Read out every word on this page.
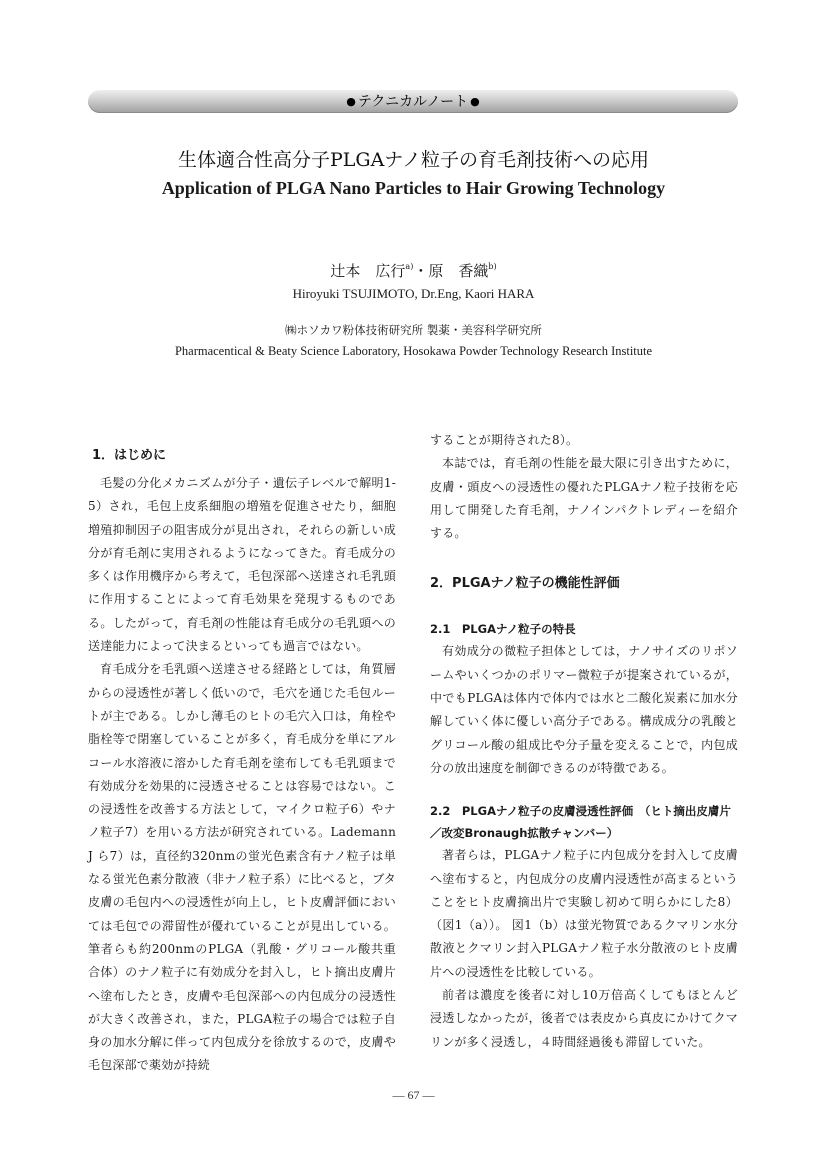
● テクニカルノート ●
生体適合性高分子PLGAナノ粒子の育毛剤技術への応用
Application of PLGA Nano Particles to Hair Growing Technology
辻本　広行$^{a)}$・原　香織$^{b)}$
Hiroyuki TSUJIMOTO, Dr.Eng, Kaori HARA
㈱ホソカワ粉体技術研究所 製薬・美容科学研究所
Pharmacentical & Beaty Science Laboratory, Hosokawa Powder Technology Research Institute
1．はじめに

毛髪の分化メカニズムが分子・遺伝子レベルで解明1-5）され，毛包上皮系細胞の増殖を促進させたり，細胞増殖抑制因子の阻害成分が見出され，それらの新しい成分が育毛剤に実用されるようになってきた。育毛成分の多くは作用機序から考えて，毛包深部へ送達され毛乳頭に作用することによって育毛効果を発現するものである。したがって，育毛剤の性能は育毛成分の毛乳頭への送達能力によって決まるといっても過言ではない。

育毛成分を毛乳頭へ送達させる経路としては，角質層からの浸透性が著しく低いので，毛穴を通じた毛包ルートが主である。しかし薄毛のヒトの毛穴入口は，角栓や脂栓等で閉塞していることが多く，育毛成分を単にアルコール水溶液に溶かした育毛剤を塗布しても毛乳頭まで有効成分を効果的に浸透させることは容易ではない。この浸透性を改善する方法として，マイクロ粒子6）やナノ粒子7）を用いる方法が研究されている。Lademann J ら7）は，直径約320nmの蛍光色素含有ナノ粒子は単なる蛍光色素分散液（非ナノ粒子系）に比べると，ブタ皮膚の毛包内への浸透性が向上し，ヒト皮膚評価においては毛包での滞留性が優れていることが見出している。筆者らも約200nmのPLGA（乳酸・グリコール酸共重合体）のナノ粒子に有効成分を封入し，ヒト摘出皮膚片へ塗布したとき，皮膚や毛包深部への内包成分の浸透性が大きく改善され，また，PLGA粒子の場合では粒子自身の加水分解に伴って内包成分を徐放するので，皮膚や毛包深部で薬効が持続

することが期待された8）。

本誌では，育毛剤の性能を最大限に引き出すために，皮膚・頭皮への浸透性の優れたPLGAナノ粒子技術を応用して開発した育毛剤，ナノインパクトレディーを紹介する。

2．PLGAナノ粒子の機能性評価
2.1　PLGAナノ粒子の特長

有効成分の微粒子担体としては，ナノサイズのリポソームやいくつかのポリマー微粒子が提案されているが，中でもPLGAは体内で体内では水と二酸化炭素に加水分解していく体に優しい高分子である。構成成分の乳酸とグリコール酸の組成比や分子量を変えることで，内包成分の放出速度を制御できるのが特徴である。

2.2　PLGAナノ粒子の皮膚浸透性評価　（ヒト摘出皮膚片／改変Bronaugh拡散チャンバー）

著者らは，PLGAナノ粒子に内包成分を封入して皮膚へ塗布すると，内包成分の皮膚内浸透性が高まるということをヒト皮膚摘出片で実験し初めて明らかにした8）（図1（a））。 図1（b）は蛍光物質であるクマリン水分散液とクマリン封入PLGAナノ粒子水分散液のヒト皮膚片への浸透性を比較している。

前者は濃度を後者に対し10万倍高くしてもほとんど浸透しなかったが，後者では表皮から真皮にかけてクマリンが多く浸透し，４時間経過後も滞留していた。

— 67 —
